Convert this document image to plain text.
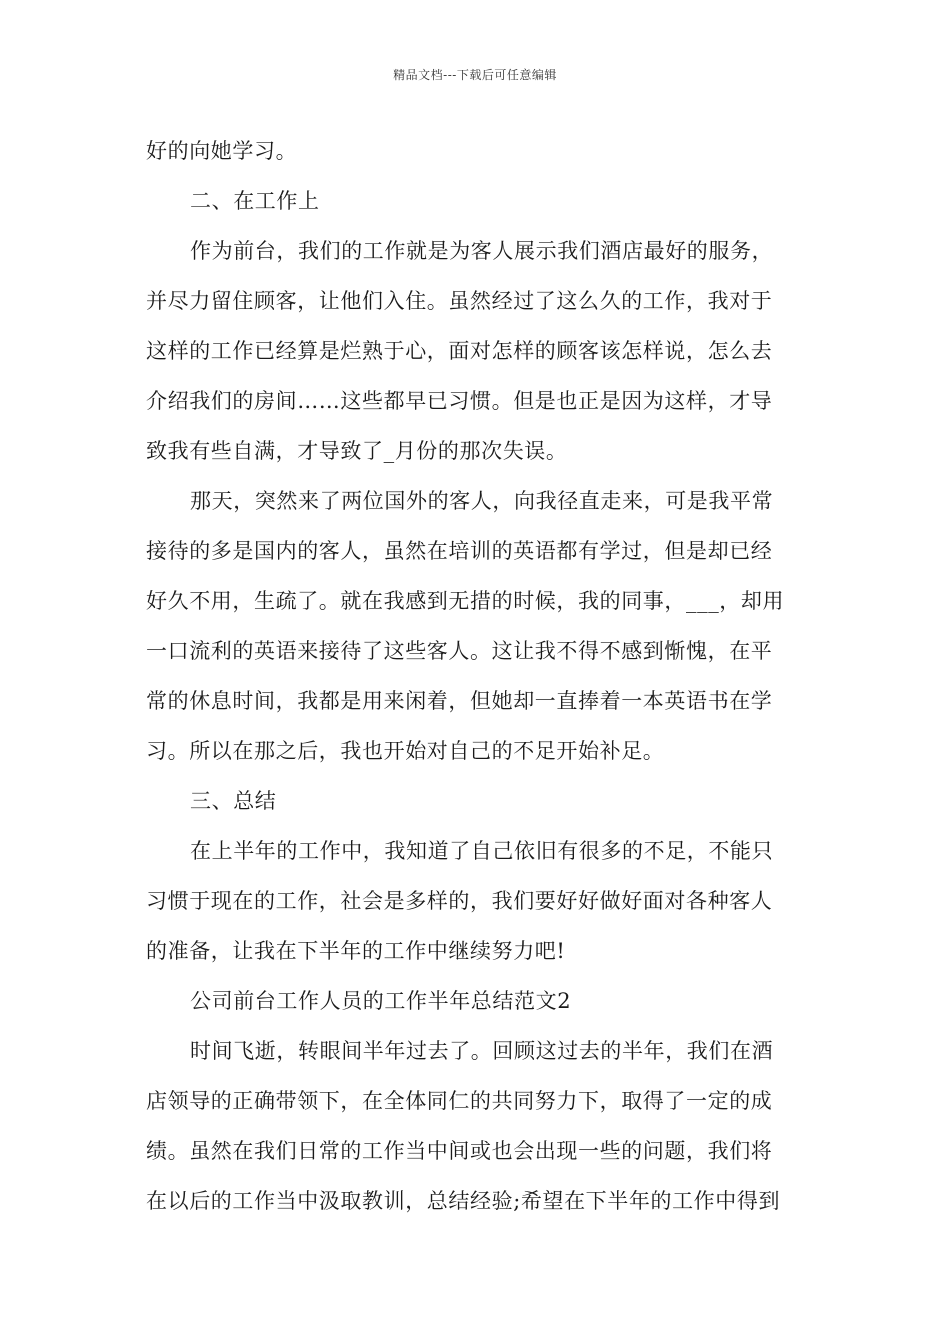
精品文档---下载后可任意编辑
好的向她学习。
二、在工作上
作为前台，我们的工作就是为客人展示我们酒店最好的服务，
并尽力留住顾客，让他们入住。虽然经过了这么久的工作，我对于
这样的工作已经算是烂熟于心，面对怎样的顾客该怎样说，怎么去
介绍我们的房间……这些都早已习惯。但是也正是因为这样，才导
致我有些自满，才导致了_月份的那次失误。
那天，突然来了两位国外的客人，向我径直走来，可是我平常
接待的多是国内的客人，虽然在培训的英语都有学过，但是却已经
好久不用，生疏了。就在我感到无措的时候，我的同事，___，却用
一口流利的英语来接待了这些客人。这让我不得不感到惭愧，在平
常的休息时间，我都是用来闲着，但她却一直捧着一本英语书在学
习。所以在那之后，我也开始对自己的不足开始补足。
三、总结
在上半年的工作中，我知道了自己依旧有很多的不足，不能只
习惯于现在的工作，社会是多样的，我们要好好做好面对各种客人
的准备，让我在下半年的工作中继续努力吧!
公司前台工作人员的工作半年总结范文2
时间飞逝，转眼间半年过去了。回顾这过去的半年，我们在酒
店领导的正确带领下，在全体同仁的共同努力下，取得了一定的成
绩。虽然在我们日常的工作当中间或也会出现一些的问题，我们将
在以后的工作当中汲取教训，总结经验;希望在下半年的工作中得到
